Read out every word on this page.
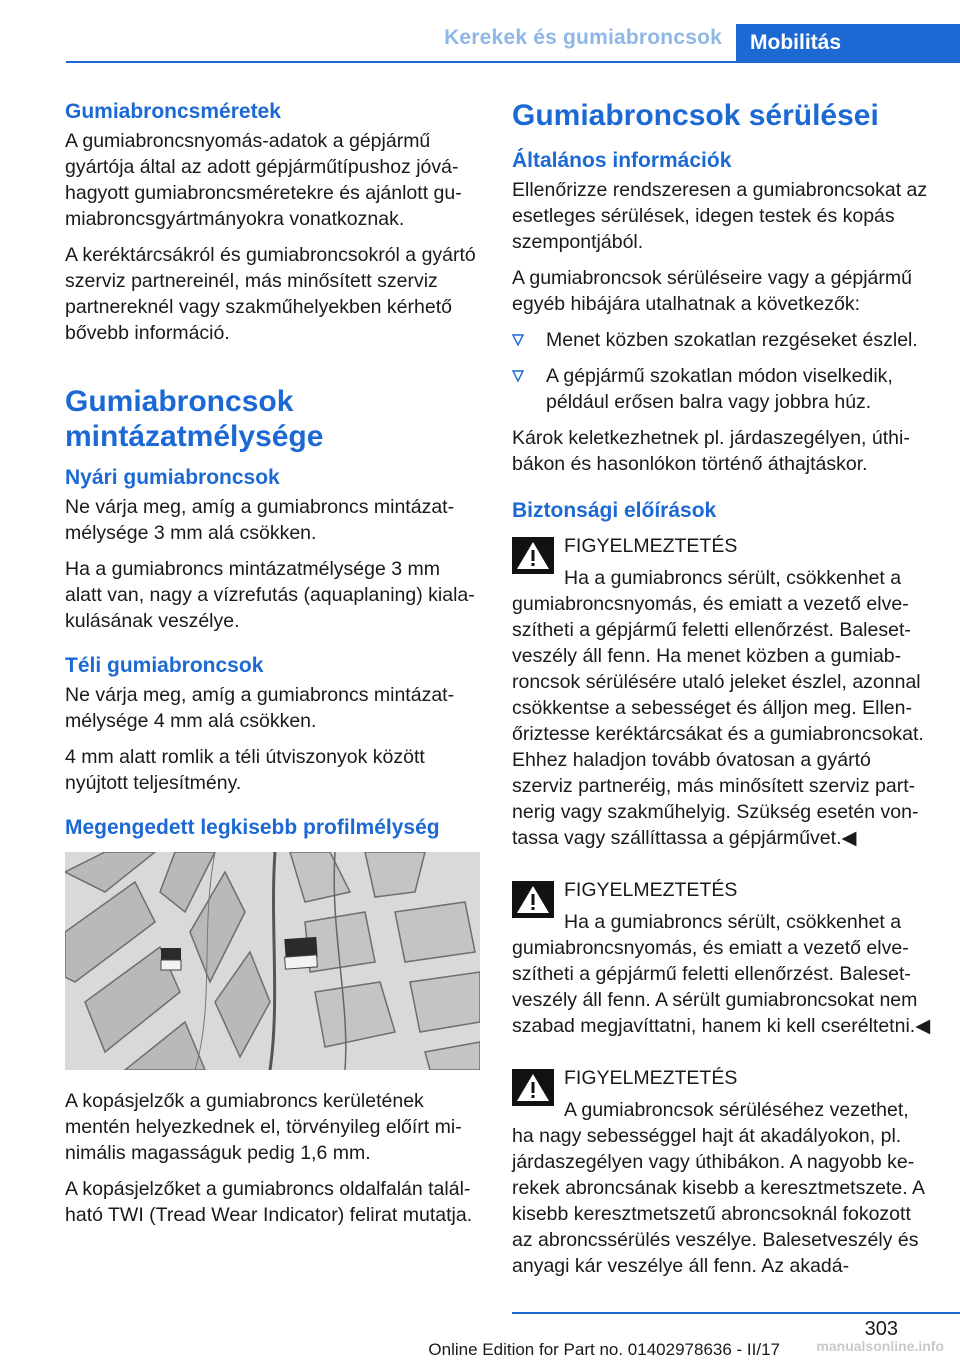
Kerekek és gumiabroncsok	Mobilitás
Gumiabroncsméretek

A gumiabroncsnyomás-adatok a gépjármű gyártója által az adott gépjárműtípushoz jóváhagyott gumiabroncsméretekre és ajánlott gumiabroncsgyártmányokra vonatkoznak.

A keréktárcsákról és gumiabroncsokról a gyártó szerviz partnereinél, más minősített szerviz partnereknél vagy szakműhelyekben kérhető bővebb információ.

Gumiabroncsok mintázatmélysége
Nyári gumiabroncsok

Ne várja meg, amíg a gumiabroncs mintázatmélysége 3 mm alá csökken.

Ha a gumiabroncs mintázatmélysége 3 mm alatt van, nagy a vízrefutás (aquaplaning) kialakulásának veszélye.

Téli gumiabroncsok

Ne várja meg, amíg a gumiabroncs mintázatmélysége 4 mm alá csökken.

4 mm alatt romlik a téli útviszonyok között nyújtott teljesítmény.

Megengedett legkisebb profilmélység

A kopásjelzők a gumiabroncs kerületének mentén helyezkednek el, törvényileg előírt minimális magasságuk pedig 1,6 mm.

A kopásjelzőket a gumiabroncs oldalfalán található TWI (Tread Wear Indicator) felirat mutatja.

Gumiabroncsok sérülései
Általános információk

Ellenőrizze rendszeresen a gumiabroncsokat az esetleges sérülések, idegen testek és kopás szempontjából.

A gumiabroncsok sérüléseire vagy a gépjármű egyéb hibájára utalhatnak a következők:

Menet közben szokatlan rezgéseket észlel.
A gépjármű szokatlan módon viselkedik, például erősen balra vagy jobbra húz.

Károk keletkezhetnek pl. járdaszegélyen, úthibákon és hasonlókon történő áthajtáskor.

Biztonsági előírások
FIGYELMEZTETÉS

Ha a gumiabroncs sérült, csökkenhet a gumiabroncsnyomás, és emiatt a vezető elveszítheti a gépjármű feletti ellenőrzést. Balesetveszély áll fenn. Ha menet közben a gumiabroncsok sérülésére utaló jeleket észlel, azonnal csökkentse a sebességet és álljon meg. Ellenőriztesse keréktárcsákat és a gumiabroncsokat. Ehhez haladjon tovább óvatosan a gyártó szerviz partneréig, más minősített szerviz partnerig vagy szakműhelyig. Szükség esetén vontassa vagy szállíttassa a gépjárművet.◀

FIGYELMEZTETÉS

Ha a gumiabroncs sérült, csökkenhet a gumiabroncsnyomás, és emiatt a vezető elveszítheti a gépjármű feletti ellenőrzést. Balesetveszély áll fenn. A sérült gumiabroncsokat nem szabad megjavíttatni, hanem ki kell cseréltetni.◀

FIGYELMEZTETÉS

A gumiabroncsok sérüléséhez vezethet, ha nagy sebességgel hajt át akadályokon, pl. járdaszegélyen vagy úthibákon. A nagyobb kerekek abroncsának kisebb a keresztmetszete. A kisebb keresztmetszetű abroncsoknál fokozott az abroncssérülés veszélye. Balesetveszély és anyagi kár veszélye áll fenn. Az akadá-

303
Online Edition for Part no. 01402978636 - II/17	manualsonline.info
